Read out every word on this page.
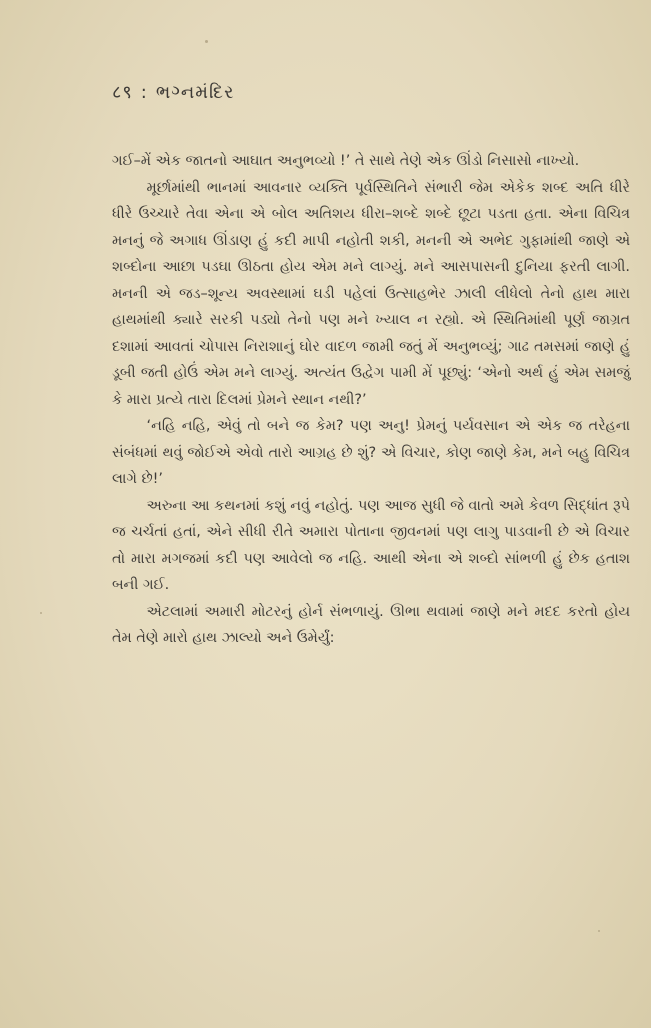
८९ : ભગ્નમંદિર

ગઈ–મેં એક જાતનો આઘાત અનુભવ્યો !’ તે સાથે તેણે એક ઊંડો નિસાસો નાખ્યો.

મૂર્છામાંથી ભાનમાં આવનાર વ્યક્તિ પૂર્વસ્થિતિને સંભારી જેમ એકેક શબ્દ અતિ ધીરે ધીરે ઉચ્ચારે તેવા એના એ બોલ અતિશય ધીરા–શબ્દે શબ્દે છૂટા પડતા હતા. એના વિચિત્ર મનનું જે અગાધ ઊંડાણ હું કદી માપી નહોતી શકી, મનની એ અભેદ ગુફામાંથી જાણે એ શબ્દોના આછા પડઘા ઊઠતા હોય એમ મને લાગ્યું. મને આસપાસની દુનિયા ફરતી લાગી. મનની એ જડ–શૂન્ય અવસ્થામાં ઘડી પહેલાં ઉત્સાહભેર ઝાલી લીધેલો તેનો હાથ મારા હાથમાંથી ક્યારે સરકી પડ્યો તેનો પણ મને ખ્યાલ ન રહ્યો. એ સ્થિતિમાંથી પૂર્ણ જાગ્રત દશામાં આવતાં ચોપાસ નિરાશાનું ઘોર વાદળ જામી જતું મેં અનુભવ્યું; ગાઢ તમસમાં જાણે હું ડૂબી જતી હોઉં એમ મને લાગ્યું. અત્યંત ઉદ્વેગ પામી મેં પૂછ્યું: ‘એનો અર્થ હું એમ સમજું કે મારા પ્રત્યે તારા દિલમાં પ્રેમને સ્થાન નથી?’

‘નહિ નહિ, એવું તો બને જ કેમ? પણ અનુ! પ્રેમનું પર્યવસાન એ એક જ તરેહના સંબંધમાં થવું જોઈએ એવો તારો આગ્રહ છે શું? એ વિચાર, કોણ જાણે કેમ, મને બહુ વિચિત્ર લાગે છે!’

અરુના આ કથનમાં કશું નવું નહોતું. પણ આજ સુધી જે વાતો અમે કેવળ સિદ્ધાંત રૂપે જ ચર્ચતાં હતાં, એને સીધી રીતે અમારા પોતાના જીવનમાં પણ લાગુ પાડવાની છે એ વિચાર તો મારા મગજમાં કદી પણ આવેલો જ નહિ. આથી એના એ શબ્દો સાંભળી હું છેક હતાશ બની ગઈ.

એટલામાં અમારી મોટરનું હોર્ન સંભળાયું. ઊભા થવામાં જાણે મને મદદ કરતો હોય તેમ તેણે મારો હાથ ઝાલ્યો અને ઉમેર્યું:
